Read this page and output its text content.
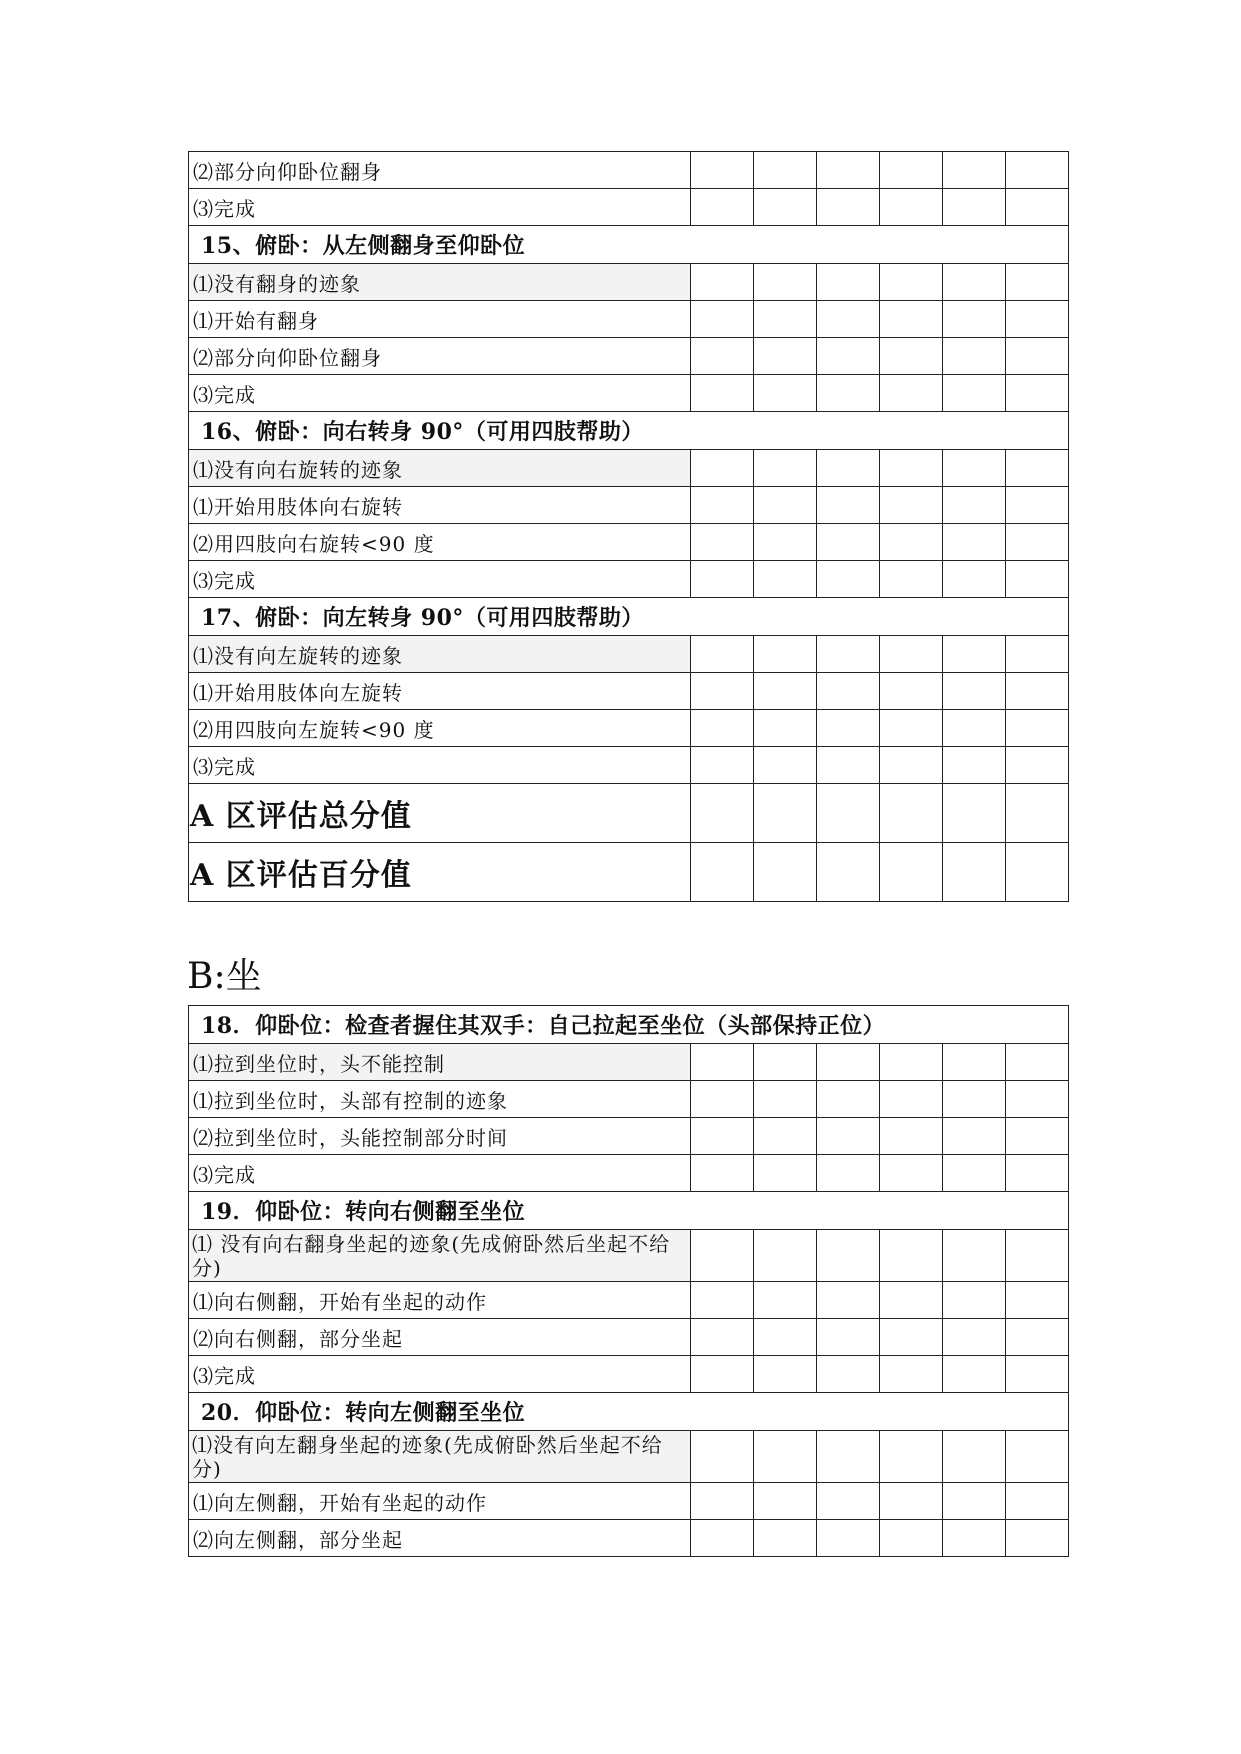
⑵部分向仰卧位翻身						
⑶完成						
15、俯卧：从左侧翻身至仰卧位						
⑴没有翻身的迹象						
⑴开始有翻身						
⑵部分向仰卧位翻身						
⑶完成						
16、俯卧：向右转身 90°（可用四肢帮助）						
⑴没有向右旋转的迹象						
⑴开始用肢体向右旋转						
⑵用四肢向右旋转<90 度						
⑶完成						
17、俯卧：向左转身 90°（可用四肢帮助）						
⑴没有向左旋转的迹象						
⑴开始用肢体向左旋转						
⑵用四肢向左旋转<90 度						
⑶完成						
A 区评估总分值						
A 区评估百分值						
B:坐
18．仰卧位：检查者握住其双手：自己拉起至坐位（头部保持正位）						
⑴拉到坐位时，头不能控制						
⑴拉到坐位时，头部有控制的迹象						
⑵拉到坐位时，头能控制部分时间						
⑶完成						
19．仰卧位：转向右侧翻至坐位						
⑴ 没有向右翻身坐起的迹象(先成俯卧然后坐起不给分)						
⑴向右侧翻，开始有坐起的动作						
⑵向右侧翻，部分坐起						
⑶完成						
20．仰卧位：转向左侧翻至坐位						
⑴没有向左翻身坐起的迹象(先成俯卧然后坐起不给分)						
⑴向左侧翻，开始有坐起的动作						
⑵向左侧翻，部分坐起						
